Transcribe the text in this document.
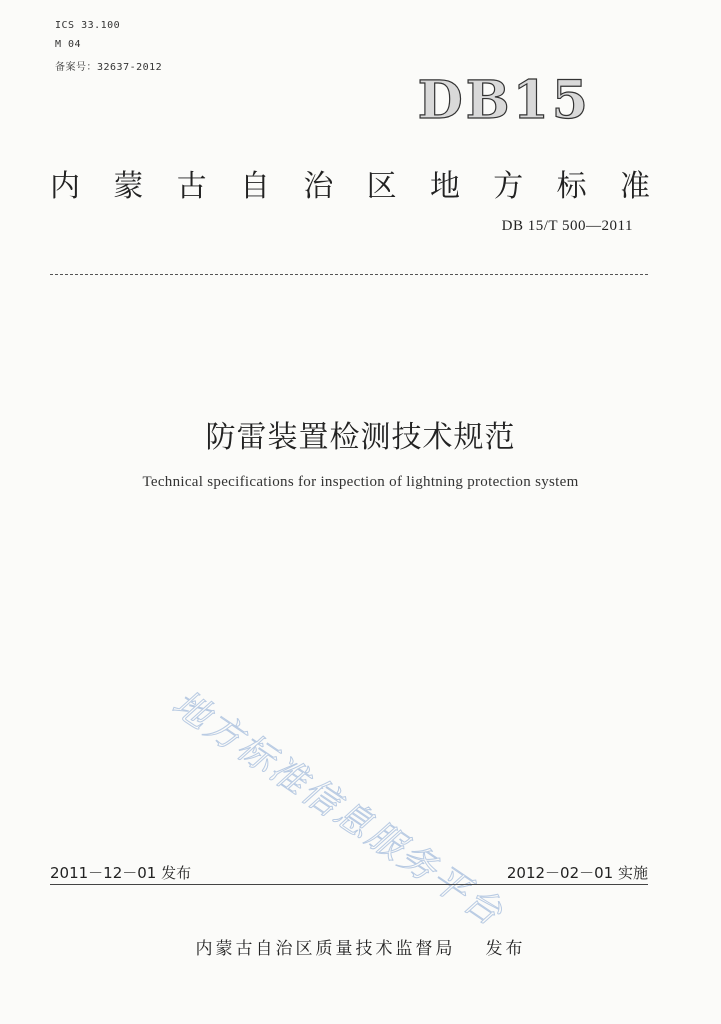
ICS 33.100
M 04
备案号：32637-2012
DB15
内 蒙 古 自 治 区 地 方 标 准
DB 15/T 500—2011
防雷装置检测技术规范
Technical specifications for inspection of lightning protection system
地方标准信息服务平台
2011－12－01 发布	2012－02－01 实施
内蒙古自治区质量技术监督局 发布
